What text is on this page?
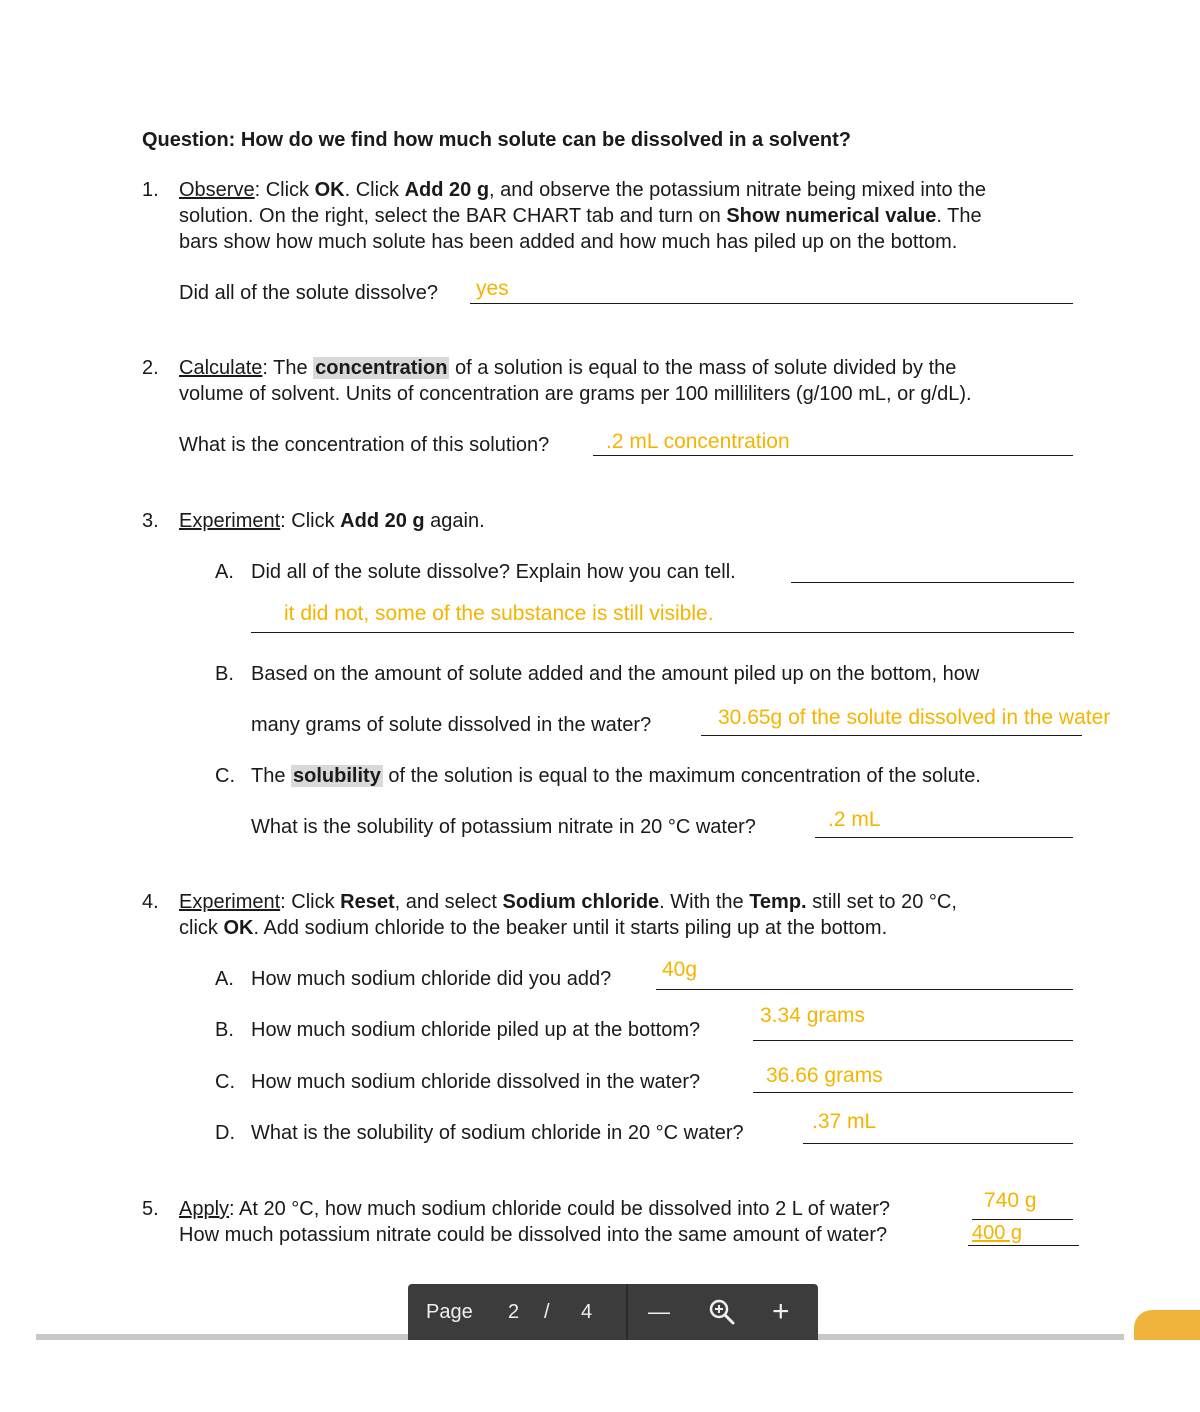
Question: How do we find how much solute can be dissolved in a solvent?
1. Observe: Click OK. Click Add 20 g, and observe the potassium nitrate being mixed into the
solution. On the right, select the BAR CHART tab and turn on Show numerical value. The
bars show how much solute has been added and how much has piled up on the bottom.
Did all of the solute dissolve? yes
2. Calculate: The concentration of a solution is equal to the mass of solute divided by the
volume of solvent. Units of concentration are grams per 100 milliliters (g/100 mL, or g/dL).
What is the concentration of this solution?	.2 mL concentration
3. Experiment: Click Add 20 g again.
A. Did all of the solute dissolve? Explain how you can tell.
it did not, some of the substance is still visible.
B. Based on the amount of solute added and the amount piled up on the bottom, how
many grams of solute dissolved in the water?	30.65g of the solute dissolved in the water
C. The solubility of the solution is equal to the maximum concentration of the solute.
What is the solubility of potassium nitrate in 20 °C water?	.2 mL
4. Experiment: Click Reset, and select Sodium chloride. With the Temp. still set to 20 °C,
click OK. Add sodium chloride to the beaker until it starts piling up at the bottom.
A. How much sodium chloride did you add? 40g
B. How much sodium chloride piled up at the bottom?
3.34 grams
C. How much sodium chloride dissolved in the water?	36.66 grams
D. What is the solubility of sodium chloride in 20 °C water?	.37 mL
5. Apply: At 20 °C, how much sodium chloride could be dissolved into 2 L of water?	740 g
How much potassium nitrate could be dissolved into the same amount of water?	400 g
Page 2 / 4	—	+
